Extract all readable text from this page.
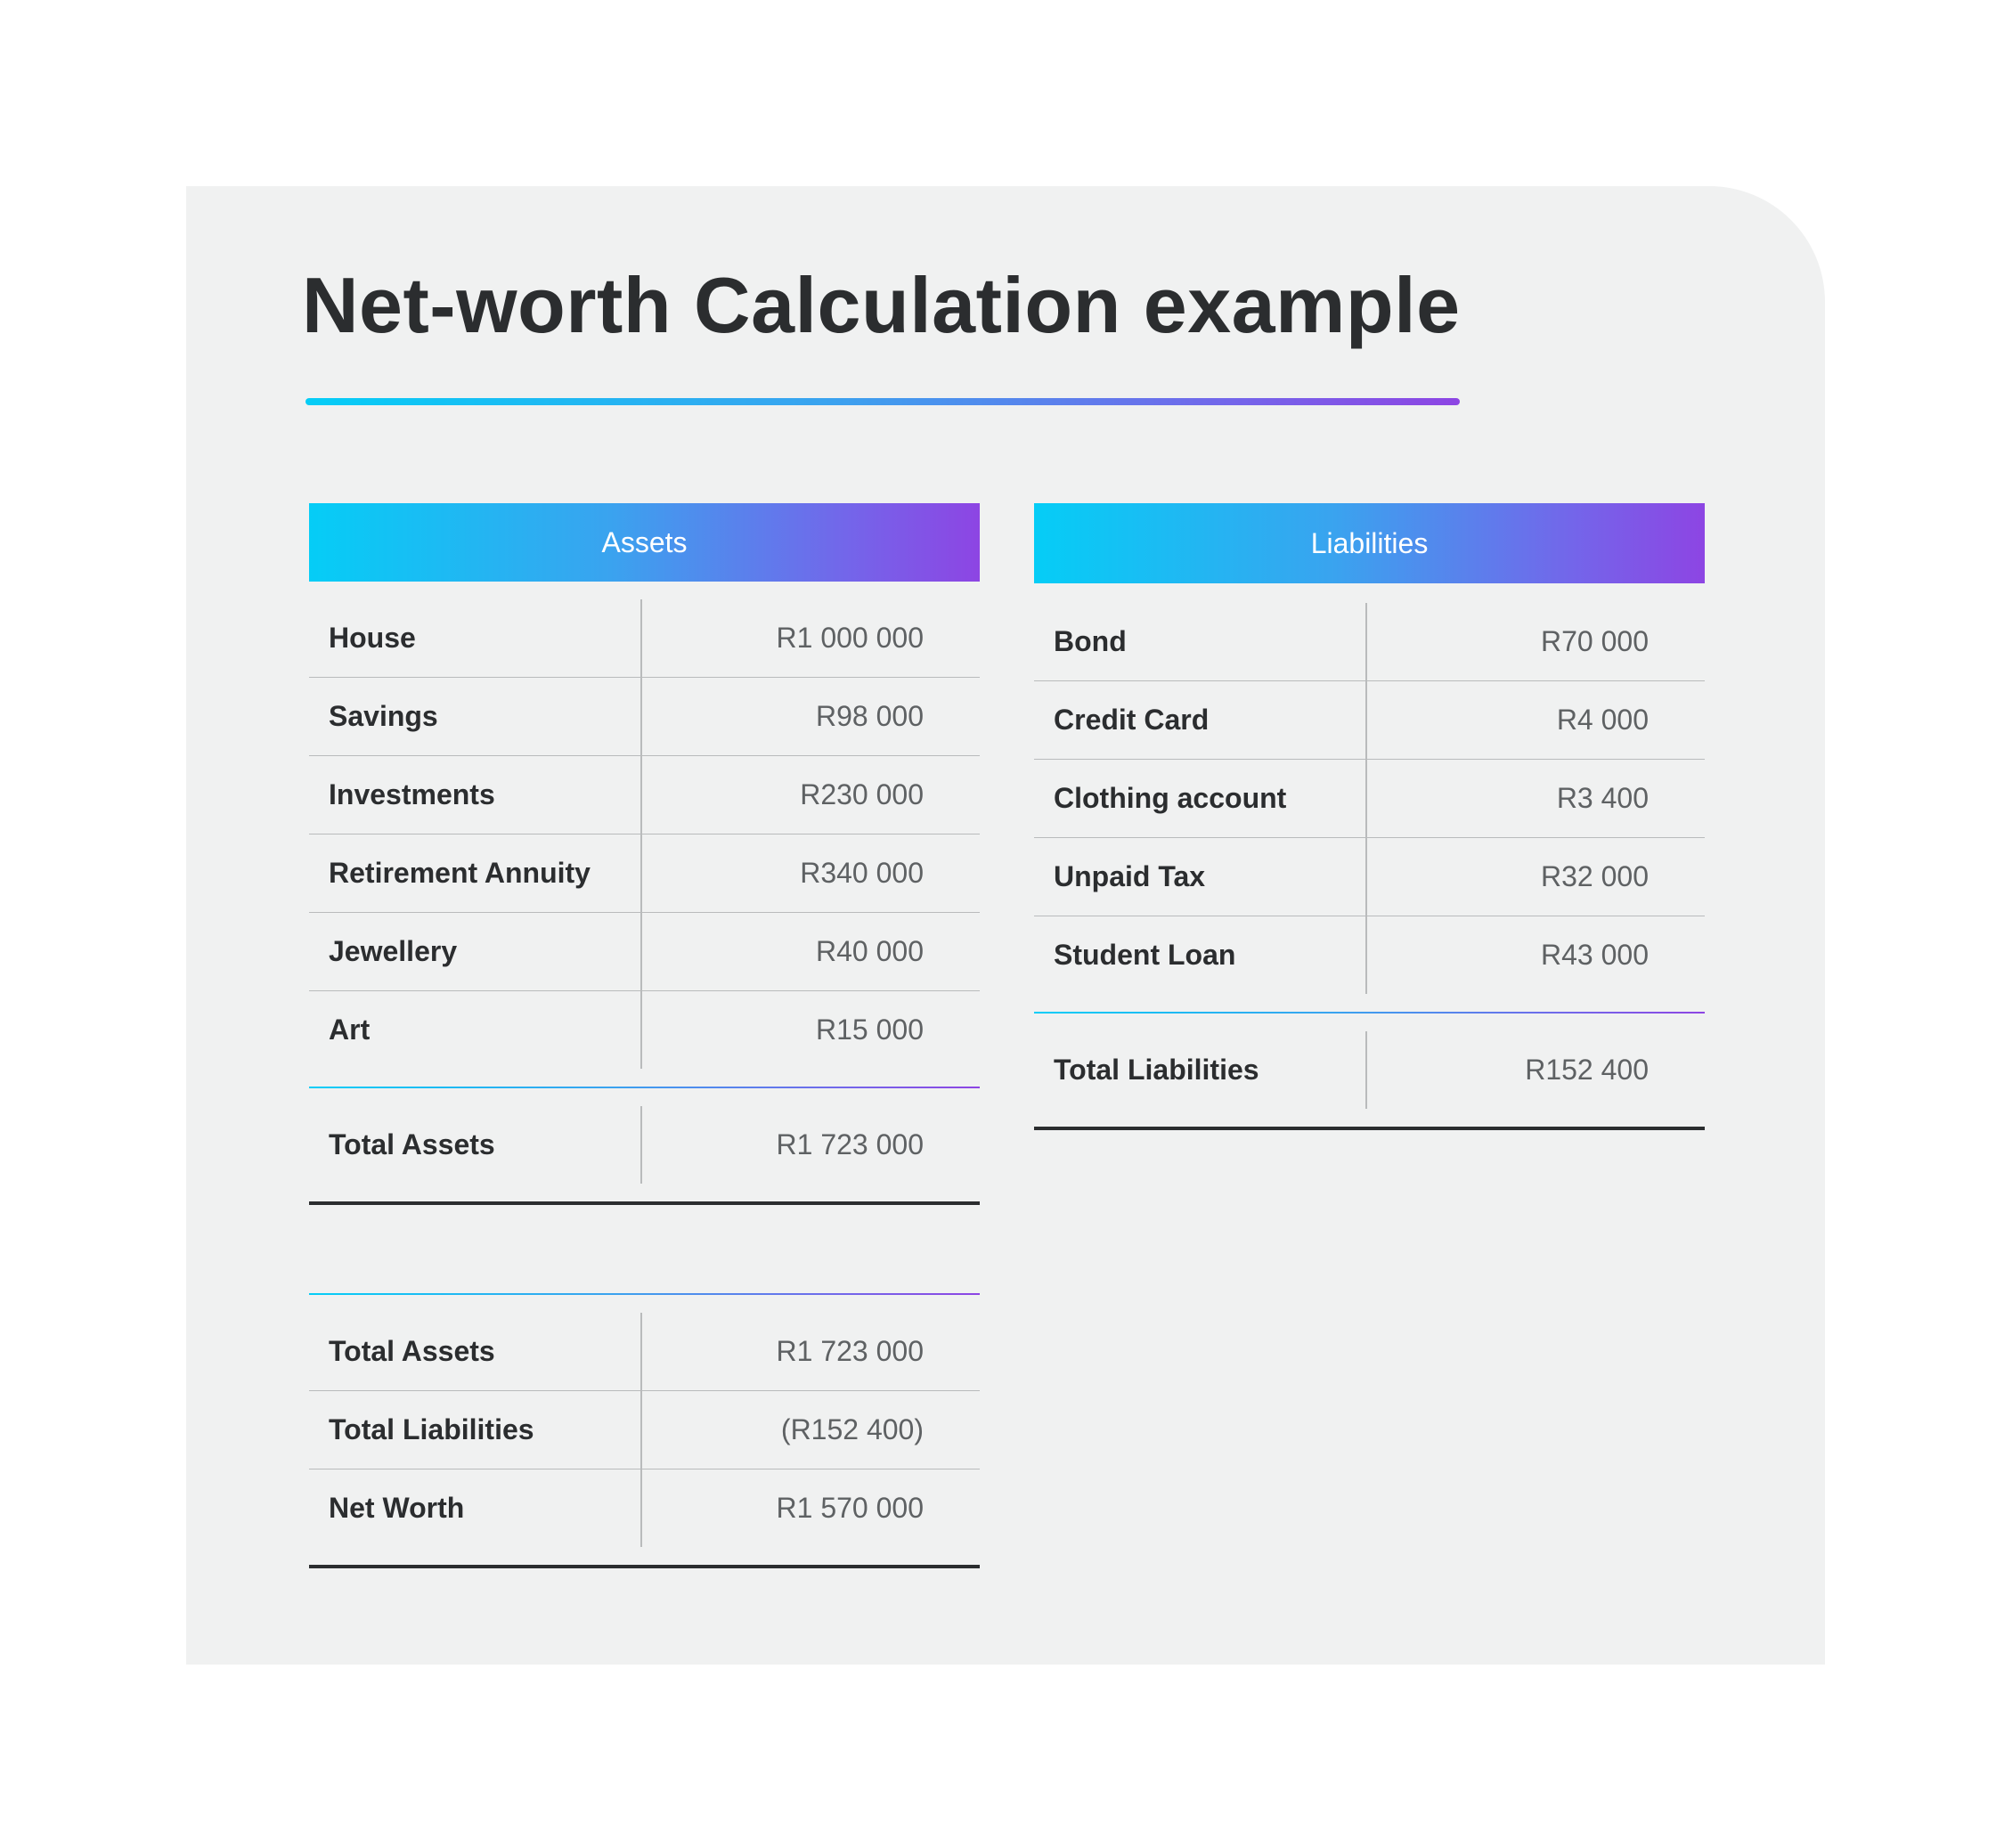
Net-worth Calculation example
Assets
House	R1 000 000
Savings	R98 000
Investments	R230 000
Retirement Annuity	R340 000
Jewellery	R40 000
Art	R15 000
Total Assets	R1 723 000
Liabilities
Bond	R70 000
Credit Card	R4 000
Clothing account	R3 400
Unpaid Tax	R32 000
Student Loan	R43 000
Total Liabilities	R152 400
Total Assets	R1 723 000
Total Liabilities	(R152 400)
Net Worth	R1 570 000
